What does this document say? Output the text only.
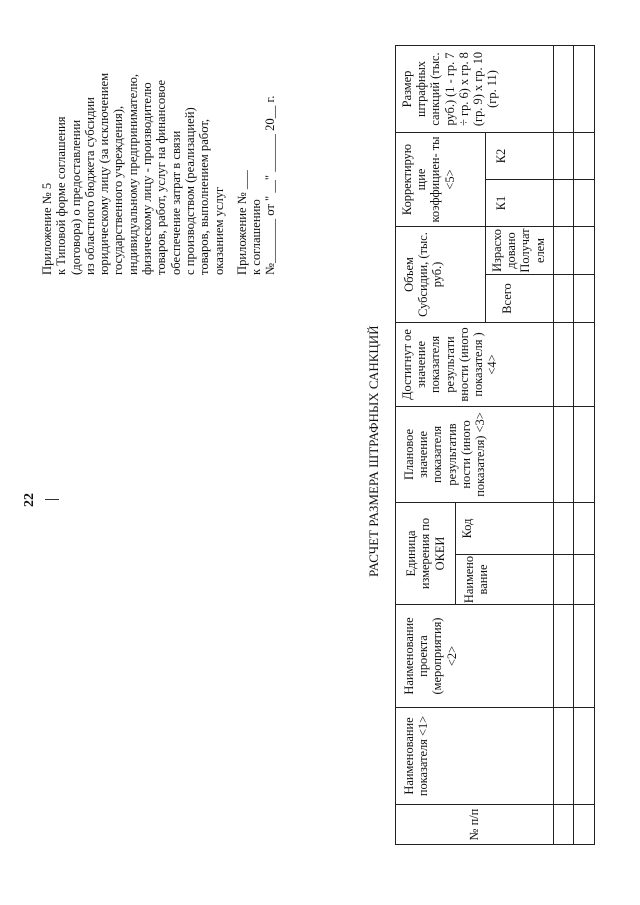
22
Приложение № 5 к Типовой форме соглашения (договора) о предоставлении из областного бюджета субсидии юридическому лицу (за исключением государственного учреждения), индивидуальному предпринимателю, физическому лицу - производителю товаров, работ, услуг на финансовое обеспечение затрат в связи с производством (реализацией) товаров, выполнением работ, оказанием услуг Приложение № ___ к соглашению №_______ от " __" ______ 20__ г.
РАСЧЕТ РАЗМЕРА ШТРАФНЫХ САНКЦИЙ
№ п/п
Наименование показателя <1>
Наименование проекта (мероприятия) <2>
Единица измерения по ОКЕИ
Наимено вание
Код
Плановое значение показателя результатив ности (иного показателя) <3>
Достигнут ое значение показателя результати вности (иного показателя ) <4>
Объем Субсидии, (тыс. руб.)
Всего
Израсхо довано Получат елем
Корректирую щие коэффициен- ты <5>
К1
К2
Размер штрафных санкций (тыс. руб.) (1 - гр. 7 ÷ гр. 6) х гр. 8 (гр. 9) х гр. 10 (гр. 11)
